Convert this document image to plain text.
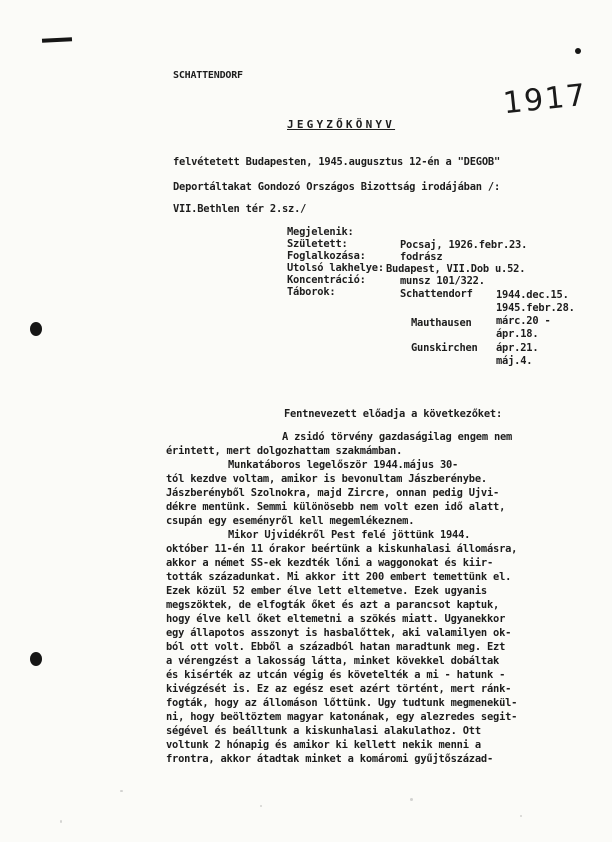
SCHATTENDORF
1917
JEGYZŐKÖNYV
felvétetett Budapesten, 1945.augusztus 12-én a "DEGOB"
Deportáltakat Gondozó Országos Bizottság irodájában /:
VII.Bethlen tér 2.sz./
Megjelenik:
Született:
Foglalkozása:
Utolsó lakhelye:
Koncentráció:
Táborok:
Pocsaj, 1926.febr.23.
fodrász
Budapest, VII.Dob u.52.
munsz 101/322.
Schattendorf 1944.dec.15.
1945.febr.28.
Mauthausen márc.20 -
ápr.18.
Gunskirchen ápr.21.
máj.4.
Fentnevezett előadja a következőket:
A zsidó törvény gazdaságilag engem nem
érintett, mert dolgozhattam szakmámban.
Munkatáboros legelőször 1944.május 30-
tól kezdve voltam, amikor is bevonultam Jászberénybe.
Jászberényből Szolnokra, majd Zircre, onnan pedig Ujvi-
dékre mentünk. Semmi különösebb nem volt ezen idő alatt,
csupán egy eseményről kell megemlékeznem.
Mikor Ujvidékről Pest felé jöttünk 1944.
október 11-én 11 órakor beértünk a kiskunhalasi állomásra,
akkor a német SS-ek kezdték lőni a waggonokat és kiir-
tották századunkat. Mi akkor itt 200 embert temettünk el.
Ezek közül 52 ember élve lett eltemetve. Ezek ugyanis
megszöktek, de elfogták őket és azt a parancsot kaptuk,
hogy élve kell őket eltemetni a szökés miatt. Ugyanekkor
egy állapotos asszonyt is hasbalőttek, aki valamilyen ok-
ból ott volt. Ebből a századból hatan maradtunk meg. Ezt
a vérengzést a lakosság látta, minket kövekkel dobáltak
és kisérték az utcán végig és követelték a mi - hatunk -
kivégzését is. Ez az egész eset azért történt, mert ránk-
fogták, hogy az állomáson lőttünk. Ugy tudtunk megmenekül-
ni, hogy beöltöztem magyar katonának, egy alezredes segit-
ségével és beálltunk a kiskunhalasi alakulathoz. Ott
voltunk 2 hónapig és amikor ki kellett nekik menni a
frontra, akkor átadtak minket a komáromi gyűjtőszázad-
